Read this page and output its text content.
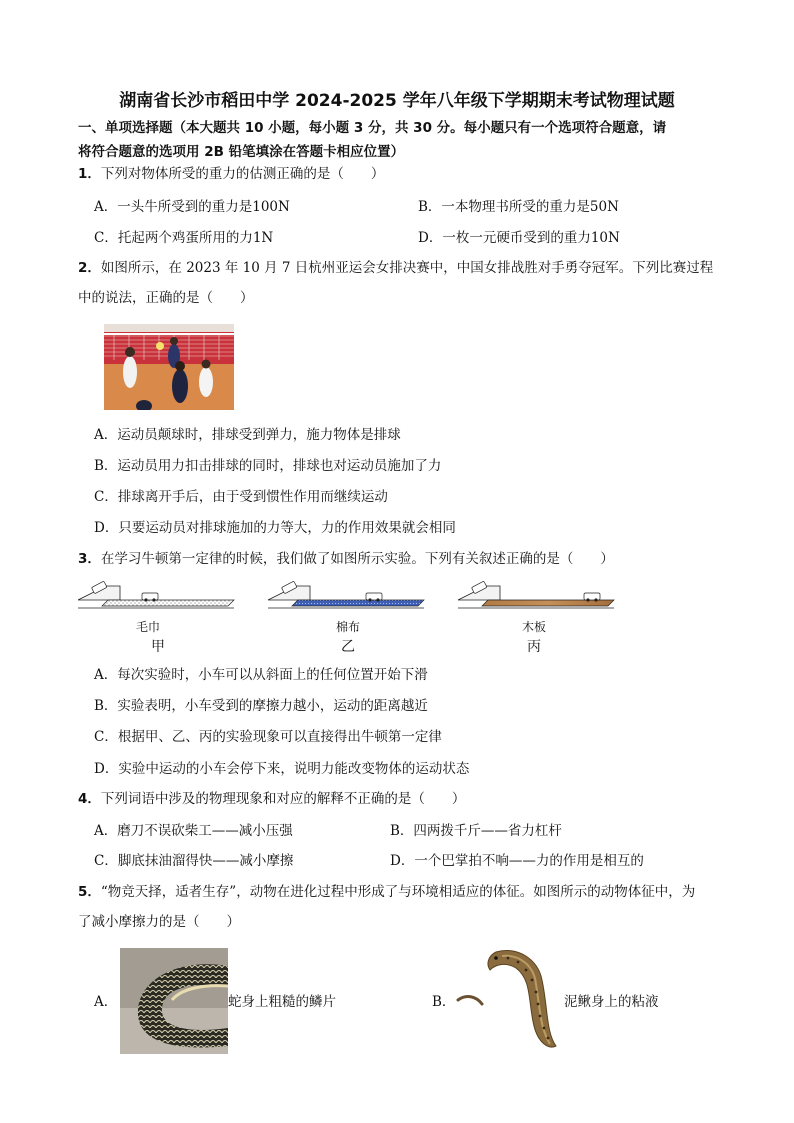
湖南省长沙市稻田中学 2024-2025 学年八年级下学期期末考试物理试题
一、单项选择题（本大题共 10 小题，每小题 3 分，共 30 分。每小题只有一个选项符合题意，请
将符合题意的选项用 2B 铅笔填涂在答题卡相应位置）
1．下列对物体所受的重力的估测正确的是（　　）
A．一头牛所受到的重力是100N	B．一本物理书所受的重力是50N
C．托起两个鸡蛋所用的力1N	D．一枚一元硬币受到的重力10N
2．如图所示，在 2023 年 10 月 7 日杭州亚运会女排决赛中，中国女排战胜对手勇夺冠军。下列比赛过程
中的说法，正确的是（　　）
A．运动员颠球时，排球受到弹力，施力物体是排球
B．运动员用力扣击排球的同时，排球也对运动员施加了力
C．排球离开手后，由于受到惯性作用而继续运动
D．只要运动员对排球施加的力等大，力的作用效果就会相同
3．在学习牛顿第一定律的时候，我们做了如图所示实验。下列有关叙述正确的是（　　）
毛巾
甲
棉布
乙
木板
丙
A．每次实验时，小车可以从斜面上的任何位置开始下滑
B．实验表明，小车受到的摩擦力越小，运动的距离越近
C．根据甲、乙、丙的实验现象可以直接得出牛顿第一定律
D．实验中运动的小车会停下来，说明力能改变物体的运动状态
4．下列词语中涉及的物理现象和对应的解释不正确的是（　　）
A．磨刀不误砍柴工——减小压强	B．四两拨千斤——省力杠杆
C．脚底抹油溜得快——减小摩擦	D．一个巴掌拍不响——力的作用是相互的
5．“物竞天择，适者生存”，动物在进化过程中形成了与环境相适应的体征。如图所示的动物体征中，为
了减小摩擦力的是（　　）
A．	蛇身上粗糙的鳞片	B．	泥鳅身上的粘液
